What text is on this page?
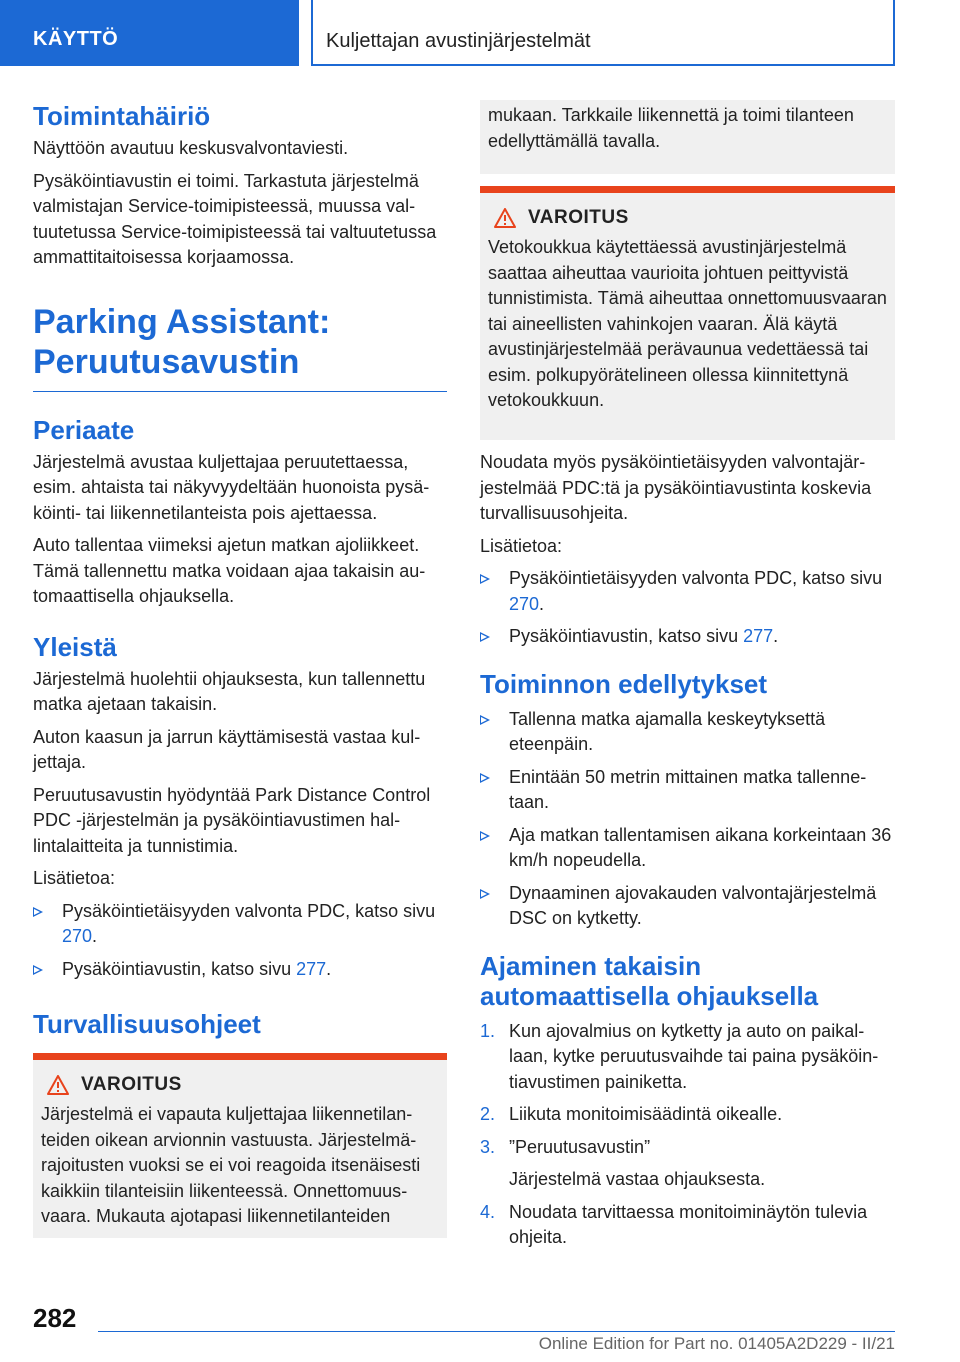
KÄYTTÖ	Kuljettajan avustinjärjestelmät
Toimintahäiriö
Näyttöön avautuu keskusvalvontaviesti.
Pysäköintiavustin ei toimi. Tarkastuta järjestelmä valmistajan Service-toimipisteessä, muussa valtuutetussa Service-toimipisteessä tai valtuutetussa ammattitaitoisessa korjaamossa.
Parking Assistant:
Peruutusavustin
Periaate
Järjestelmä avustaa kuljettajaa peruutettaessa, esim. ahtaista tai näkyvyydeltään huonoista pysäköinti- tai liikennetilanteista pois ajettaessa.
Auto tallentaa viimeksi ajetun matkan ajoliikkeet. Tämä tallennettu matka voidaan ajaa takaisin automaattisella ohjauksella.
Yleistä
Järjestelmä huolehtii ohjauksesta, kun tallennettu matka ajetaan takaisin.
Auton kaasun ja jarrun käyttämisestä vastaa kuljettaja.
Peruutusavustin hyödyntää Park Distance Control PDC -järjestelmän ja pysäköintiavustimen hallintalaitteita ja tunnistimia.
Lisätietoa:
Pysäköintietäisyyden valvonta PDC, katso sivu 270.
Pysäköintiavustin, katso sivu 277.
Turvallisuusohjeet
VAROITUS
Järjestelmä ei vapauta kuljettajaa liikennetilanteiden oikean arvionnin vastuusta. Järjestelmärajoitusten vuoksi se ei voi reagoida itsenäisesti kaikkiin tilanteisiin liikenteessä. Onnettomuusvaara. Mukauta ajotapasi liikennetilanteiden
mukaan. Tarkkaile liikennettä ja toimi tilanteen edellyttämällä tavalla.
VAROITUS
Vetokoukkua käytettäessä avustinjärjestelmä saattaa aiheuttaa vaurioita johtuen peittyvistä tunnistimista. Tämä aiheuttaa onnettomuusvaaran tai aineellisten vahinkojen vaaran. Älä käytä avustinjärjestelmää perävaunua vedettäessä tai esim. polkupyörätelineen ollessa kiinnitettynä vetokoukkuun.
Noudata myös pysäköintietäisyyden valvontajärjestelmää PDC:tä ja pysäköintiavustinta koskevia turvallisuusohjeita.
Lisätietoa:
Pysäköintietäisyyden valvonta PDC, katso sivu 270.
Pysäköintiavustin, katso sivu 277.
Toiminnon edellytykset
Tallenna matka ajamalla keskeytyksettä eteenpäin.
Enintään 50 metrin mittainen matka tallennetaan.
Aja matkan tallentamisen aikana korkeintaan 36 km/h nopeudella.
Dynaaminen ajovakauden valvontajärjestelmä DSC on kytketty.
Ajaminen takaisin
automaattisella ohjauksella
1. Kun ajovalmius on kytketty ja auto on paikallaan, kytke peruutusvaihde tai paina pysäköintiavustimen painiketta.
2. Liikuta monitoimisäädintä oikealle.
3. ”Peruutusavustin”
Järjestelmä vastaa ohjauksesta.
4. Noudata tarvittaessa monitoiminäytön tulevia ohjeita.
282
Online Edition for Part no. 01405A2D229 - II/21
